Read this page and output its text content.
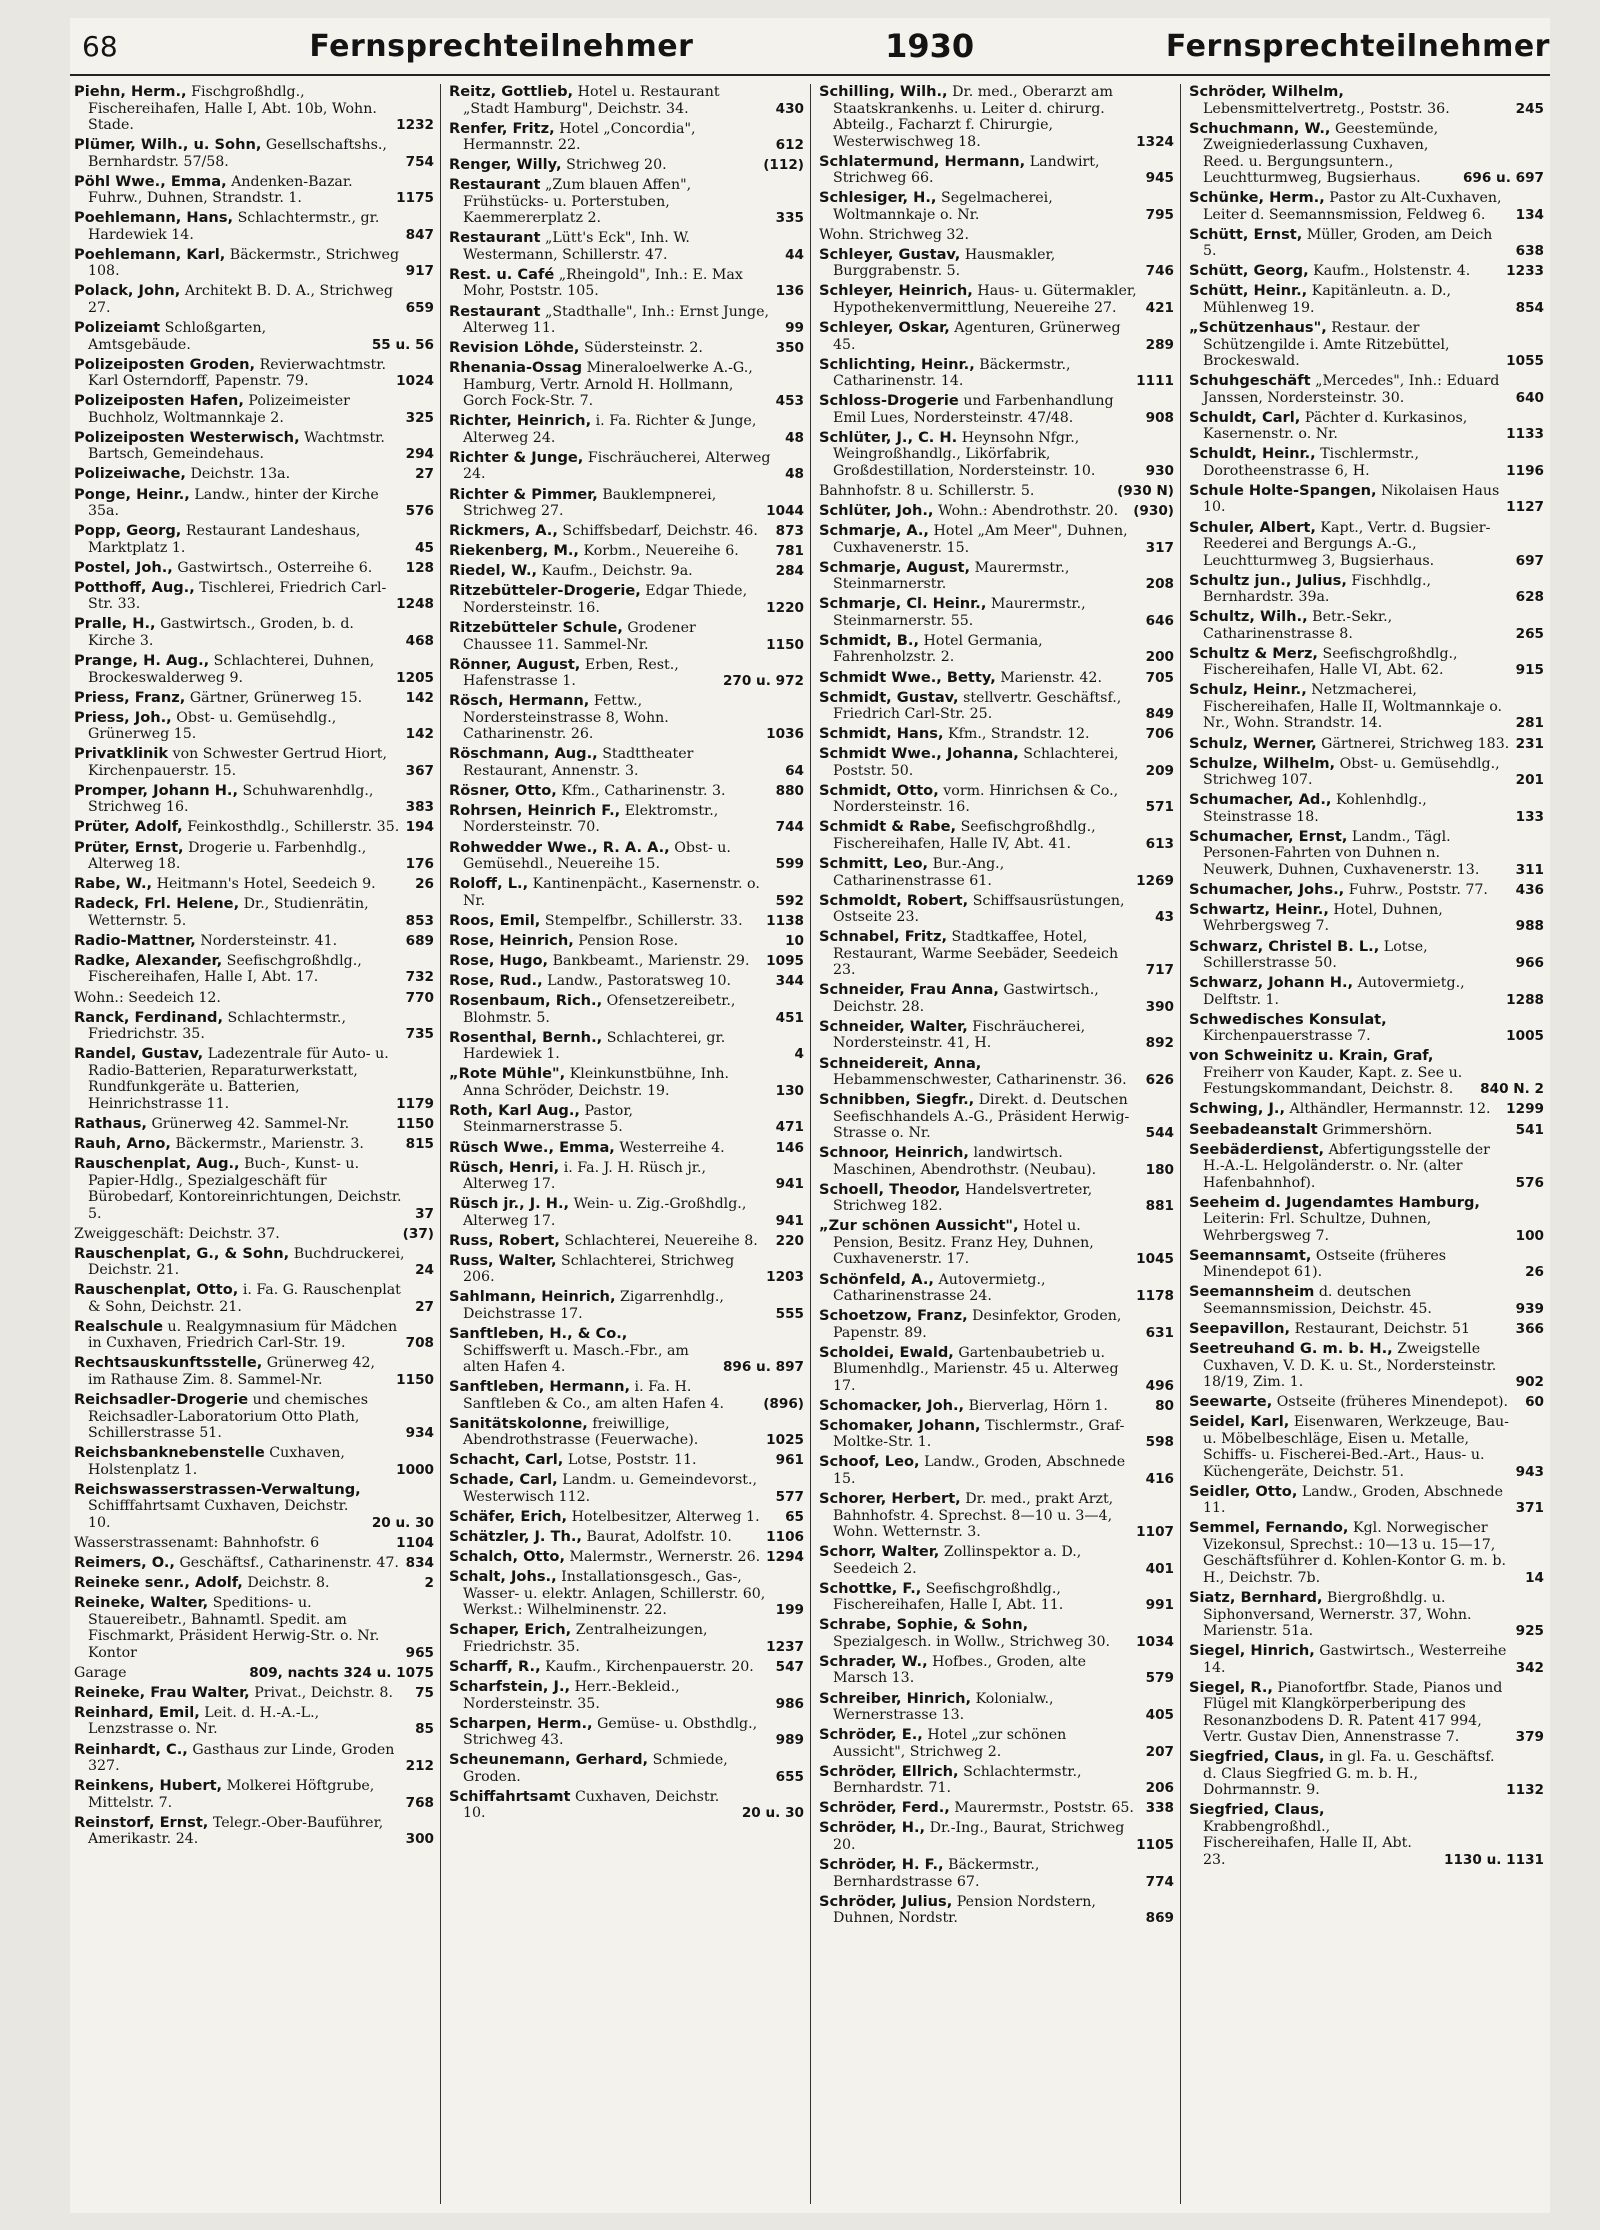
68	Fernsprechteilnehmer	1930	Fernsprechteilnehmer
Piehn, Herm., Fischgroßhdlg., Fischereihafen, Halle I, Abt. 10b, Wohn. Stade.	1232
Plümer, Wilh., u. Sohn, Gesellschaftshs., Bernhardstr. 57/58.	754
Pöhl Wwe., Emma, Andenken-Bazar. Fuhrw., Duhnen, Strandstr. 1.	1175
Poehlemann, Hans, Schlachtermstr., gr. Hardewiek 14.	847
Poehlemann, Karl, Bäckermstr., Strichweg 108.	917
Polack, John, Architekt B. D. A., Strichweg 27.	659
Polizeiamt Schloßgarten, Amtsgebäude.	55 u. 56
Polizeiposten Groden, Revierwachtmstr. Karl Osterndorff, Papenstr. 79.	1024
Polizeiposten Hafen, Polizeimeister Buchholz, Woltmannkaje 2.	325
Polizeiposten Westerwisch, Wachtmstr. Bartsch, Gemeindehaus.	294
Polizeiwache, Deichstr. 13a.	27
Ponge, Heinr., Landw., hinter der Kirche 35a.	576
Popp, Georg, Restaurant Landeshaus, Marktplatz 1.	45
Postel, Joh., Gastwirtsch., Osterreihe 6.	128
Potthoff, Aug., Tischlerei, Friedrich Carl-Str. 33.	1248
Pralle, H., Gastwirtsch., Groden, b. d. Kirche 3.	468
Prange, H. Aug., Schlachterei, Duhnen, Brockeswalderweg 9.	1205
Priess, Franz, Gärtner, Grünerweg 15.	142
Priess, Joh., Obst- u. Gemüsehdlg., Grünerweg 15.	142
Privatklinik von Schwester Gertrud Hiort, Kirchenpauerstr. 15.	367
Promper, Johann H., Schuhwarenhdlg., Strichweg 16.	383
Prüter, Adolf, Feinkosthdlg., Schillerstr. 35. 194
Prüter, Ernst, Drogerie u. Farbenhdlg., Alterweg 18.	176
Rabe, W., Heitmann's Hotel, Seedeich 9.	26
Radeck, Frl. Helene, Dr., Studienrätin, Wetternstr. 5.	853
Radio-Mattner, Nordersteinstr. 41.	689
Radke, Alexander, Seefischgroßhdlg., Fischereihafen, Halle I, Abt. 17.	732
Wohn.: Seedeich 12.	770
Ranck, Ferdinand, Schlachtermstr., Friedrichstr. 35.	735
Randel, Gustav, Ladezentrale für Auto- u. Radio-Batterien, Reparaturwerkstatt, Rundfunkgeräte u. Batterien, Heinrichstrasse 11.	1179
Rathaus, Grünerweg 42. Sammel-Nr.	1150
Rauh, Arno, Bäckermstr., Marienstr. 3.	815
Rauschenplat, Aug., Buch-, Kunst- u. Papier-Hdlg., Spezialgeschäft für Bürobedarf, Kontoreinrichtungen, Deichstr. 5.	37
Zweiggeschäft: Deichstr. 37.	(37)
Rauschenplat, G., & Sohn, Buchdruckerei, Deichstr. 21.	24
Rauschenplat, Otto, i. Fa. G. Rauschenplat & Sohn, Deichstr. 21.	27
Realschule u. Realgymnasium für Mädchen in Cuxhaven, Friedrich Carl-Str. 19.	708
Rechtsauskunftsstelle, Grünerweg 42, im Rathause Zim. 8. Sammel-Nr.	1150
Reichsadler-Drogerie und chemisches Reichsadler-Laboratorium Otto Plath, Schillerstrasse 51.	934
Reichsbanknebenstelle Cuxhaven, Holstenplatz 1.	1000
Reichswasserstrassen-Verwaltung, Schifffahrtsamt Cuxhaven, Deichstr. 10.	20 u. 30
Wasserstrassenamt: Bahnhofstr. 6	1104
Reimers, O., Geschäftsf., Catharinenstr. 47. 834
Reineke senr., Adolf, Deichstr. 8.	2
Reineke, Walter, Speditions- u. Stauereibetr., Bahnamtl. Spedit. am Fischmarkt, Präsident Herwig-Str. o. Nr. Kontor	965
Garage	809, nachts 324 u. 1075
Reineke, Frau Walter, Privat., Deichstr. 8.	75
Reinhard, Emil, Leit. d. H.-A.-L., Lenzstrasse o. Nr.	85
Reinhardt, C., Gasthaus zur Linde, Groden 327.	212
Reinkens, Hubert, Molkerei Höftgrube, Mittelstr. 7.	768
Reinstorf, Ernst, Telegr.-Ober-Bauführer, Amerikastr. 24.	300
Reitz, Gottlieb, Hotel u. Restaurant „Stadt Hamburg", Deichstr. 34.	430
Renfer, Fritz, Hotel „Concordia", Hermannstr. 22.	612
Renger, Willy, Strichweg 20.	(112)
Restaurant „Zum blauen Affen", Frühstücks- u. Porterstuben, Kaemmererplatz 2.	335
Restaurant „Lütt's Eck", Inh. W. Westermann, Schillerstr. 47.	44
Rest. u. Café „Rheingold", Inh.: E. Max Mohr, Poststr. 105.	136
Restaurant „Stadthalle", Inh.: Ernst Junge, Alterweg 11.	99
Revision Löhde, Südersteinstr. 2.	350
Rhenania-Ossag Mineraloelwerke A.-G., Hamburg, Vertr. Arnold H. Hollmann, Gorch Fock-Str. 7.	453
Richter, Heinrich, i. Fa. Richter & Junge, Alterweg 24.	48
Richter & Junge, Fischräucherei, Alterweg 24.	48
Richter & Pimmer, Bauklempnerei, Strichweg 27.	1044
Rickmers, A., Schiffsbedarf, Deichstr. 46.	873
Riekenberg, M., Korbm., Neuereihe 6.	781
Riedel, W., Kaufm., Deichstr. 9a.	284
Ritzebütteler-Drogerie, Edgar Thiede, Nordersteinstr. 16.	1220
Ritzebütteler Schule, Grodener Chaussee 11. Sammel-Nr.	1150
Rönner, August, Erben, Rest., Hafenstrasse 1.	270 u. 972
Rösch, Hermann, Fettw., Nordersteinstrasse 8, Wohn. Catharinenstr. 26.	1036
Röschmann, Aug., Stadttheater Restaurant, Annenstr. 3.	64
Rösner, Otto, Kfm., Catharinenstr. 3.	880
Rohrsen, Heinrich F., Elektromstr., Nordersteinstr. 70.	744
Rohwedder Wwe., R. A. A., Obst- u. Gemüsehdl., Neuereihe 15.	599
Roloff, L., Kantinenpächt., Kasernenstr. o. Nr.	592
Roos, Emil, Stempelfbr., Schillerstr. 33.	1138
Rose, Heinrich, Pension Rose.	10
Rose, Hugo, Bankbeamt., Marienstr. 29.	1095
Rose, Rud., Landw., Pastoratsweg 10.	344
Rosenbaum, Rich., Ofensetzereibetr., Blohmstr. 5.	451
Rosenthal, Bernh., Schlachterei, gr. Hardewiek 1.	4
„Rote Mühle", Kleinkunstbühne, Inh. Anna Schröder, Deichstr. 19.	130
Roth, Karl Aug., Pastor, Steinmarnerstrasse 5.	471
Rüsch Wwe., Emma, Westerreihe 4.	146
Rüsch, Henri, i. Fa. J. H. Rüsch jr., Alterweg 17.	941
Rüsch jr., J. H., Wein- u. Zig.-Großhdlg., Alterweg 17.	941
Russ, Robert, Schlachterei, Neuereihe 8.	220
Russ, Walter, Schlachterei, Strichweg 206.	1203
Sahlmann, Heinrich, Zigarrenhdlg., Deichstrasse 17.	555
Sanftleben, H., & Co., Schiffswerft u. Masch.-Fbr., am alten Hafen 4.	896 u. 897
Sanftleben, Hermann, i. Fa. H. Sanftleben & Co., am alten Hafen 4.	(896)
Sanitätskolonne, freiwillige, Abendrothstrasse (Feuerwache).	1025
Schacht, Carl, Lotse, Poststr. 11.	961
Schade, Carl, Landm. u. Gemeindevorst., Westerwisch 112.	577
Schäfer, Erich, Hotelbesitzer, Alterweg 1.	65
Schätzler, J. Th., Baurat, Adolfstr. 10.	1106
Schalch, Otto, Malermstr., Wernerstr. 26. 1294
Schalt, Johs., Installationsgesch., Gas-, Wasser- u. elektr. Anlagen, Schillerstr. 60, Werkst.: Wilhelminenstr. 22.	199
Schaper, Erich, Zentralheizungen, Friedrichstr. 35.	1237
Scharff, R., Kaufm., Kirchenpauerstr. 20.	547
Scharfstein, J., Herr.-Bekleid., Nordersteinstr. 35.	986
Scharpen, Herm., Gemüse- u. Obsthdlg., Strichweg 43.	989
Scheunemann, Gerhard, Schmiede, Groden.	655
Schiffahrtsamt Cuxhaven, Deichstr. 10.	20 u. 30
Schilling, Wilh., Dr. med., Oberarzt am Staatskrankenhs. u. Leiter d. chirurg. Abteilg., Facharzt f. Chirurgie, Westerwischweg 18.	1324
Schlatermund, Hermann, Landwirt, Strichweg 66.	945
Schlesiger, H., Segelmacherei, Woltmannkaje o. Nr.	795
Wohn. Strichweg 32.
Schleyer, Gustav, Hausmakler, Burggrabenstr. 5.	746
Schleyer, Heinrich, Haus- u. Gütermakler, Hypothekenvermittlung, Neuereihe 27.	421
Schleyer, Oskar, Agenturen, Grünerweg 45.	289
Schlichting, Heinr., Bäckermstr., Catharinenstr. 14.	1111
Schloss-Drogerie und Farbenhandlung Emil Lues, Nordersteinstr. 47/48.	908
Schlüter, J., C. H. Heynsohn Nfgr., Weingroßhandlg., Likörfabrik, Großdestillation, Nordersteinstr. 10.	930
Bahnhofstr. 8 u. Schillerstr. 5.	(930 N)
Schlüter, Joh., Wohn.: Abendrothstr. 20.	(930)
Schmarje, A., Hotel „Am Meer", Duhnen, Cuxhavenerstr. 15.	317
Schmarje, August, Maurermstr., Steinmarnerstr.	208
Schmarje, Cl. Heinr., Maurermstr., Steinmarnerstr. 55.	646
Schmidt, B., Hotel Germania, Fahrenholzstr. 2.	200
Schmidt Wwe., Betty, Marienstr. 42.	705
Schmidt, Gustav, stellvertr. Geschäftsf., Friedrich Carl-Str. 25.	849
Schmidt, Hans, Kfm., Strandstr. 12.	706
Schmidt Wwe., Johanna, Schlachterei, Poststr. 50.	209
Schmidt, Otto, vorm. Hinrichsen & Co., Nordersteinstr. 16.	571
Schmidt & Rabe, Seefischgroßhdlg., Fischereihafen, Halle IV, Abt. 41.	613
Schmitt, Leo, Bur.-Ang., Catharinenstrasse 61.	1269
Schmoldt, Robert, Schiffsausrüstungen, Ostseite 23.	43
Schnabel, Fritz, Stadtkaffee, Hotel, Restaurant, Warme Seebäder, Seedeich 23.	717
Schneider, Frau Anna, Gastwirtsch., Deichstr. 28.	390
Schneider, Walter, Fischräucherei, Nordersteinstr. 41, H.	892
Schneidereit, Anna, Hebammenschwester, Catharinenstr. 36.	626
Schnibben, Siegfr., Direkt. d. Deutschen Seefischhandels A.-G., Präsident Herwig-Strasse o. Nr.	544
Schnoor, Heinrich, landwirtsch. Maschinen, Abendrothstr. (Neubau).	180
Schoell, Theodor, Handelsvertreter, Strichweg 182.	881
„Zur schönen Aussicht", Hotel u. Pension, Besitz. Franz Hey, Duhnen, Cuxhavenerstr. 17.	1045
Schönfeld, A., Autovermietg., Catharinenstrasse 24.	1178
Schoetzow, Franz, Desinfektor, Groden, Papenstr. 89.	631
Scholdei, Ewald, Gartenbaubetrieb u. Blumenhdlg., Marienstr. 45 u. Alterweg 17.	496
Schomacker, Joh., Bierverlag, Hörn 1.	80
Schomaker, Johann, Tischlermstr., Graf-Moltke-Str. 1.	598
Schoof, Leo, Landw., Groden, Abschnede 15.	416
Schorer, Herbert, Dr. med., prakt Arzt, Bahnhofstr. 4. Sprechst. 8—10 u. 3—4, Wohn. Wetternstr. 3.	1107
Schorr, Walter, Zollinspektor a. D., Seedeich 2.	401
Schottke, F., Seefischgroßhdlg., Fischereihafen, Halle I, Abt. 11.	991
Schrabe, Sophie, & Sohn, Spezialgesch. in Wollw., Strichweg 30.	1034
Schrader, W., Hofbes., Groden, alte Marsch 13.	579
Schreiber, Hinrich, Kolonialw., Wernerstrasse 13.	405
Schröder, E., Hotel „zur schönen Aussicht", Strichweg 2.	207
Schröder, Ellrich, Schlachtermstr., Bernhardstr. 71.	206
Schröder, Ferd., Maurermstr., Poststr. 65. 338
Schröder, H., Dr.-Ing., Baurat, Strichweg 20.	1105
Schröder, H. F., Bäckermstr., Bernhardstrasse 67.	774
Schröder, Julius, Pension Nordstern, Duhnen, Nordstr.	869
Schröder, Wilhelm, Lebensmittelvertretg., Poststr. 36.	245
Schuchmann, W., Geestemünde, Zweigniederlassung Cuxhaven, Reed. u. Bergungsuntern., Leuchtturmweg, Bugsierhaus.	696 u. 697
Schünke, Herm., Pastor zu Alt-Cuxhaven, Leiter d. Seemannsmission, Feldweg 6.	134
Schütt, Ernst, Müller, Groden, am Deich 5.	638
Schütt, Georg, Kaufm., Holstenstr. 4.	1233
Schütt, Heinr., Kapitänleutn. a. D., Mühlenweg 19.	854
„Schützenhaus", Restaur. der Schützengilde i. Amte Ritzebüttel, Brockeswald.	1055
Schuhgeschäft „Mercedes", Inh.: Eduard Janssen, Nordersteinstr. 30.	640
Schuldt, Carl, Pächter d. Kurkasinos, Kasernenstr. o. Nr.	1133
Schuldt, Heinr., Tischlermstr., Dorotheenstrasse 6, H.	1196
Schule Holte-Spangen, Nikolaisen Haus 10.	1127
Schuler, Albert, Kapt., Vertr. d. Bugsier-Reederei and Bergungs A.-G., Leuchtturmweg 3, Bugsierhaus.	697
Schultz jun., Julius, Fischhdlg., Bernhardstr. 39a.	628
Schultz, Wilh., Betr.-Sekr., Catharinenstrasse 8.	265
Schultz & Merz, Seefischgroßhdlg., Fischereihafen, Halle VI, Abt. 62.	915
Schulz, Heinr., Netzmacherei, Fischereihafen, Halle II, Woltmannkaje o. Nr., Wohn. Strandstr. 14.	281
Schulz, Werner, Gärtnerei, Strichweg 183. 231
Schulze, Wilhelm, Obst- u. Gemüsehdlg., Strichweg 107.	201
Schumacher, Ad., Kohlenhdlg., Steinstrasse 18.	133
Schumacher, Ernst, Landm., Tägl. Personen-Fahrten von Duhnen n. Neuwerk, Duhnen, Cuxhavenerstr. 13.	311
Schumacher, Johs., Fuhrw., Poststr. 77.	436
Schwartz, Heinr., Hotel, Duhnen, Wehrbergsweg 7.	988
Schwarz, Christel B. L., Lotse, Schillerstrasse 50.	966
Schwarz, Johann H., Autovermietg., Delftstr. 1.	1288
Schwedisches Konsulat, Kirchenpauerstrasse 7.	1005
von Schweinitz u. Krain, Graf, Freiherr von Kauder, Kapt. z. See u. Festungskommandant, Deichstr. 8.	840 N. 2
Schwing, J., Althändler, Hermannstr. 12.	1299
Seebadeanstalt Grimmershörn.	541
Seebäderdienst, Abfertigungsstelle der H.-A.-L. Helgoländerstr. o. Nr. (alter Hafenbahnhof).	576
Seeheim d. Jugendamtes Hamburg, Leiterin: Frl. Schultze, Duhnen, Wehrbergsweg 7.	100
Seemannsamt, Ostseite (früheres Minendepot 61).	26
Seemannsheim d. deutschen Seemannsmission, Deichstr. 45.	939
Seepavillon, Restaurant, Deichstr. 51	366
Seetreuhand G. m. b. H., Zweigstelle Cuxhaven, V. D. K. u. St., Nordersteinstr. 18/19, Zim. 1.	902
Seewarte, Ostseite (früheres Minendepot).	60
Seidel, Karl, Eisenwaren, Werkzeuge, Bau- u. Möbelbeschläge, Eisen u. Metalle, Schiffs- u. Fischerei-Bed.-Art., Haus- u. Küchengeräte, Deichstr. 51.	943
Seidler, Otto, Landw., Groden, Abschnede 11.	371
Semmel, Fernando, Kgl. Norwegischer Vizekonsul, Sprechst.: 10—13 u. 15—17, Geschäftsführer d. Kohlen-Kontor G. m. b. H., Deichstr. 7b.	14
Siatz, Bernhard, Biergroßhdlg. u. Siphonversand, Wernerstr. 37, Wohn. Marienstr. 51a.	925
Siegel, Hinrich, Gastwirtsch., Westerreihe 14.	342
Siegel, R., Pianofortfbr. Stade, Pianos und Flügel mit Klangkörperberipung des Resonanzbodens D. R. Patent 417 994, Vertr. Gustav Dien, Annenstrasse 7.	379
Siegfried, Claus, in gl. Fa. u. Geschäftsf. d. Claus Siegfried G. m. b. H., Dohrmannstr. 9.	1132
Siegfried, Claus, Krabbengroßhdl., Fischereihafen, Halle II, Abt. 23.	1130 u. 1131
